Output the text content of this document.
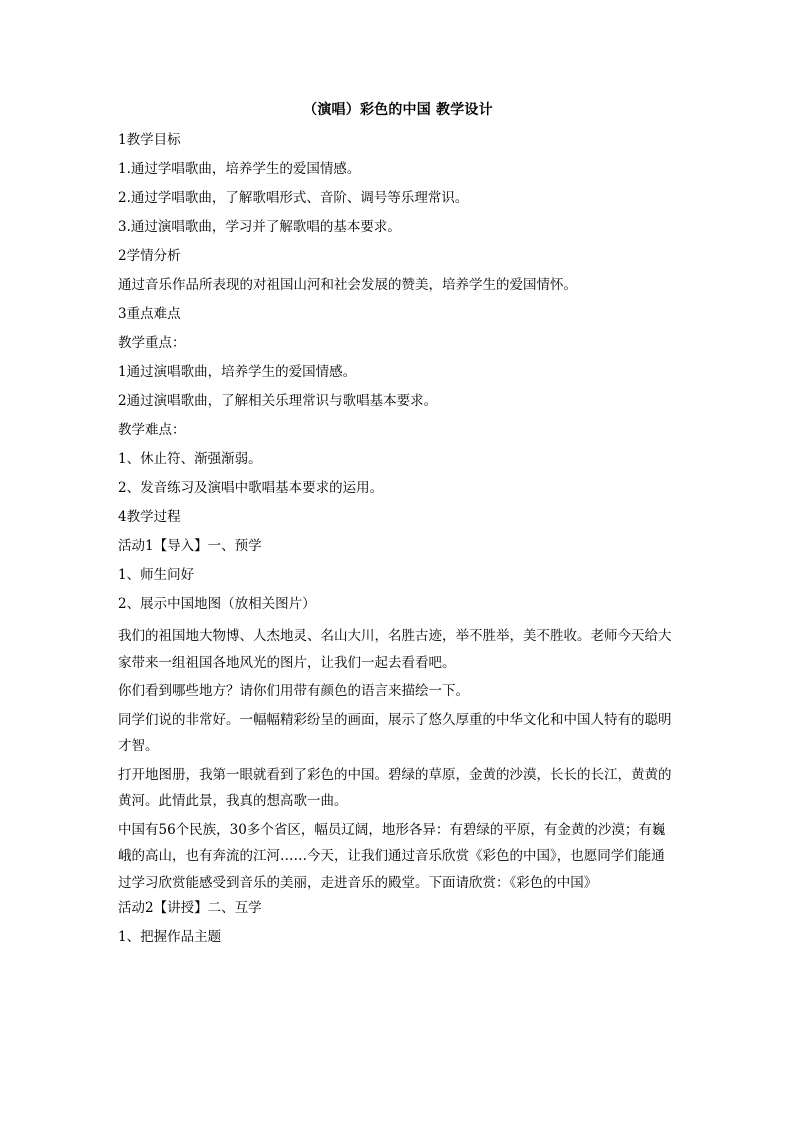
（演唱）彩色的中国 教学设计
1教学目标
1.通过学唱歌曲，培养学生的爱国情感。
2.通过学唱歌曲，了解歌唱形式、音阶、调号等乐理常识。
3.通过演唱歌曲，学习并了解歌唱的基本要求。
2学情分析
通过音乐作品所表现的对祖国山河和社会发展的赞美，培养学生的爱国情怀。
3重点难点
教学重点：
1通过演唱歌曲，培养学生的爱国情感。
2通过演唱歌曲，了解相关乐理常识与歌唱基本要求。
教学难点：
1、休止符、渐强渐弱。
2、发音练习及演唱中歌唱基本要求的运用。
4教学过程
活动1【导入】一、预学
1、师生问好
2、展示中国地图（放相关图片）
我们的祖国地大物博、人杰地灵、名山大川，名胜古迹，举不胜举，美不胜收。老师今天给大家带来一组祖国各地风光的图片，让我们一起去看看吧。
你们看到哪些地方？请你们用带有颜色的语言来描绘一下。
同学们说的非常好。一幅幅精彩纷呈的画面，展示了悠久厚重的中华文化和中国人特有的聪明才智。
打开地图册，我第一眼就看到了彩色的中国。碧绿的草原，金黄的沙漠，长长的长江，黄黄的黄河。此情此景，我真的想高歌一曲。
中国有56个民族，30多个省区，幅员辽阔，地形各异：有碧绿的平原，有金黄的沙漠；有巍峨的高山，也有奔流的江河……今天，让我们通过音乐欣赏《彩色的中国》，也愿同学们能通过学习欣赏能感受到音乐的美丽，走进音乐的殿堂。下面请欣赏：《彩色的中国》
活动2【讲授】二、互学
1、把握作品主题
